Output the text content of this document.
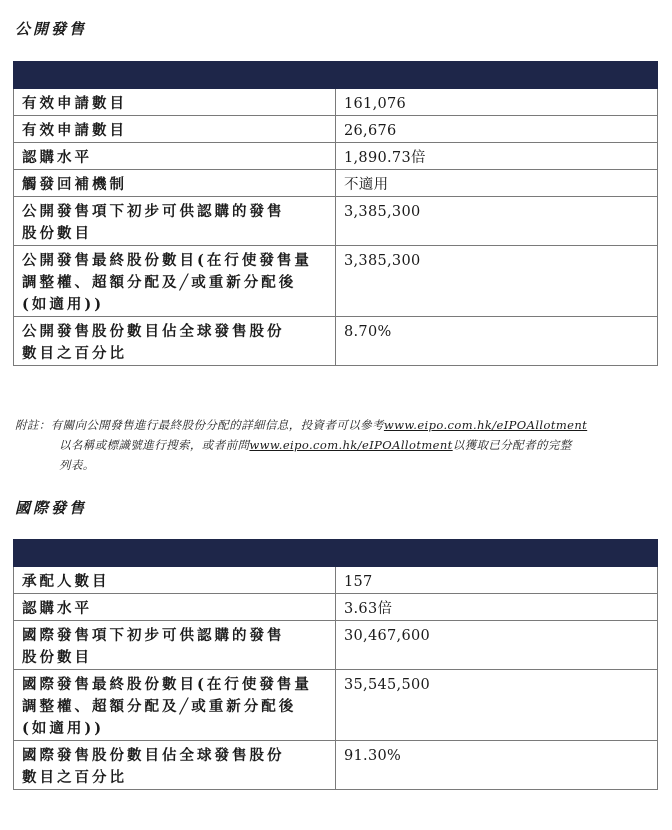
公開發售

有效申請數目	161,076

有效申請數目	26,676

認購水平	1,890.73倍

觸發回補機制	不適用

公開發售項下初步可供認購的發售
股份數目	3,385,300

公開發售最終股份數目(在行使發售量
調整權、超額分配及╱或重新分配後
(如適用))	3,385,300

公開發售股份數目佔全球發售股份
數目之百分比	8.70%
附註：有關向公開發售進行最終股份分配的詳細信息，投資者可以參考www.eipo.com.hk/eIPOAllotment
以名稱或標識號進行搜索，或者前問www.eipo.com.hk/eIPOAllotment以獲取已分配者的完整
列表。
國際發售

承配人數目	157

認購水平	3.63倍

國際發售項下初步可供認購的發售
股份數目	30,467,600

國際發售最終股份數目(在行使發售量
調整權、超額分配及╱或重新分配後
(如適用))	35,545,500

國際發售股份數目佔全球發售股份
數目之百分比	91.30%
